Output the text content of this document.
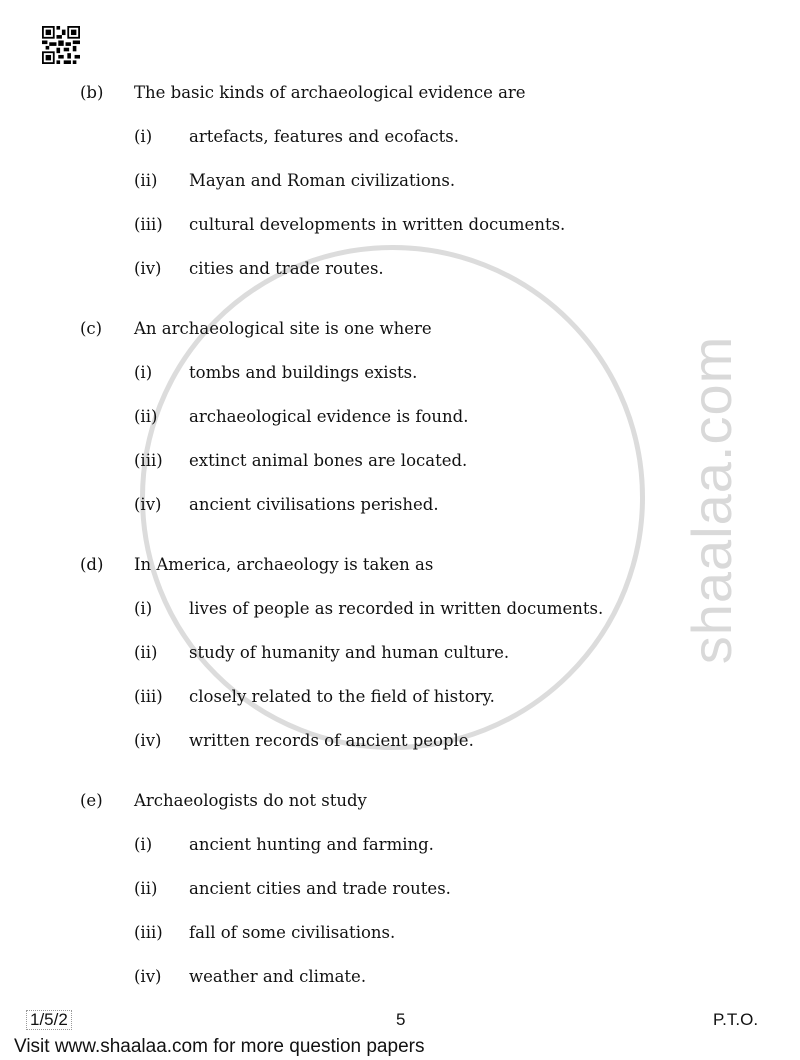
shaalaa.com
(b) The basic kinds of archaeological evidence are
(i) artefacts, features and ecofacts.
(ii) Mayan and Roman civilizations.
(iii) cultural developments in written documents.
(iv) cities and trade routes.
(c) An archaeological site is one where
(i) tombs and buildings exists.
(ii) archaeological evidence is found.
(iii) extinct animal bones are located.
(iv) ancient civilisations perished.
(d) In America, archaeology is taken as
(i) lives of people as recorded in written documents.
(ii) study of humanity and human culture.
(iii) closely related to the field of history.
(iv) written records of ancient people.
(e) Archaeologists do not study
(i) ancient hunting and farming.
(ii) ancient cities and trade routes.
(iii) fall of some civilisations.
(iv) weather and climate.
1/5/2	5	P.T.O.
Visit www.shaalaa.com for more question papers
